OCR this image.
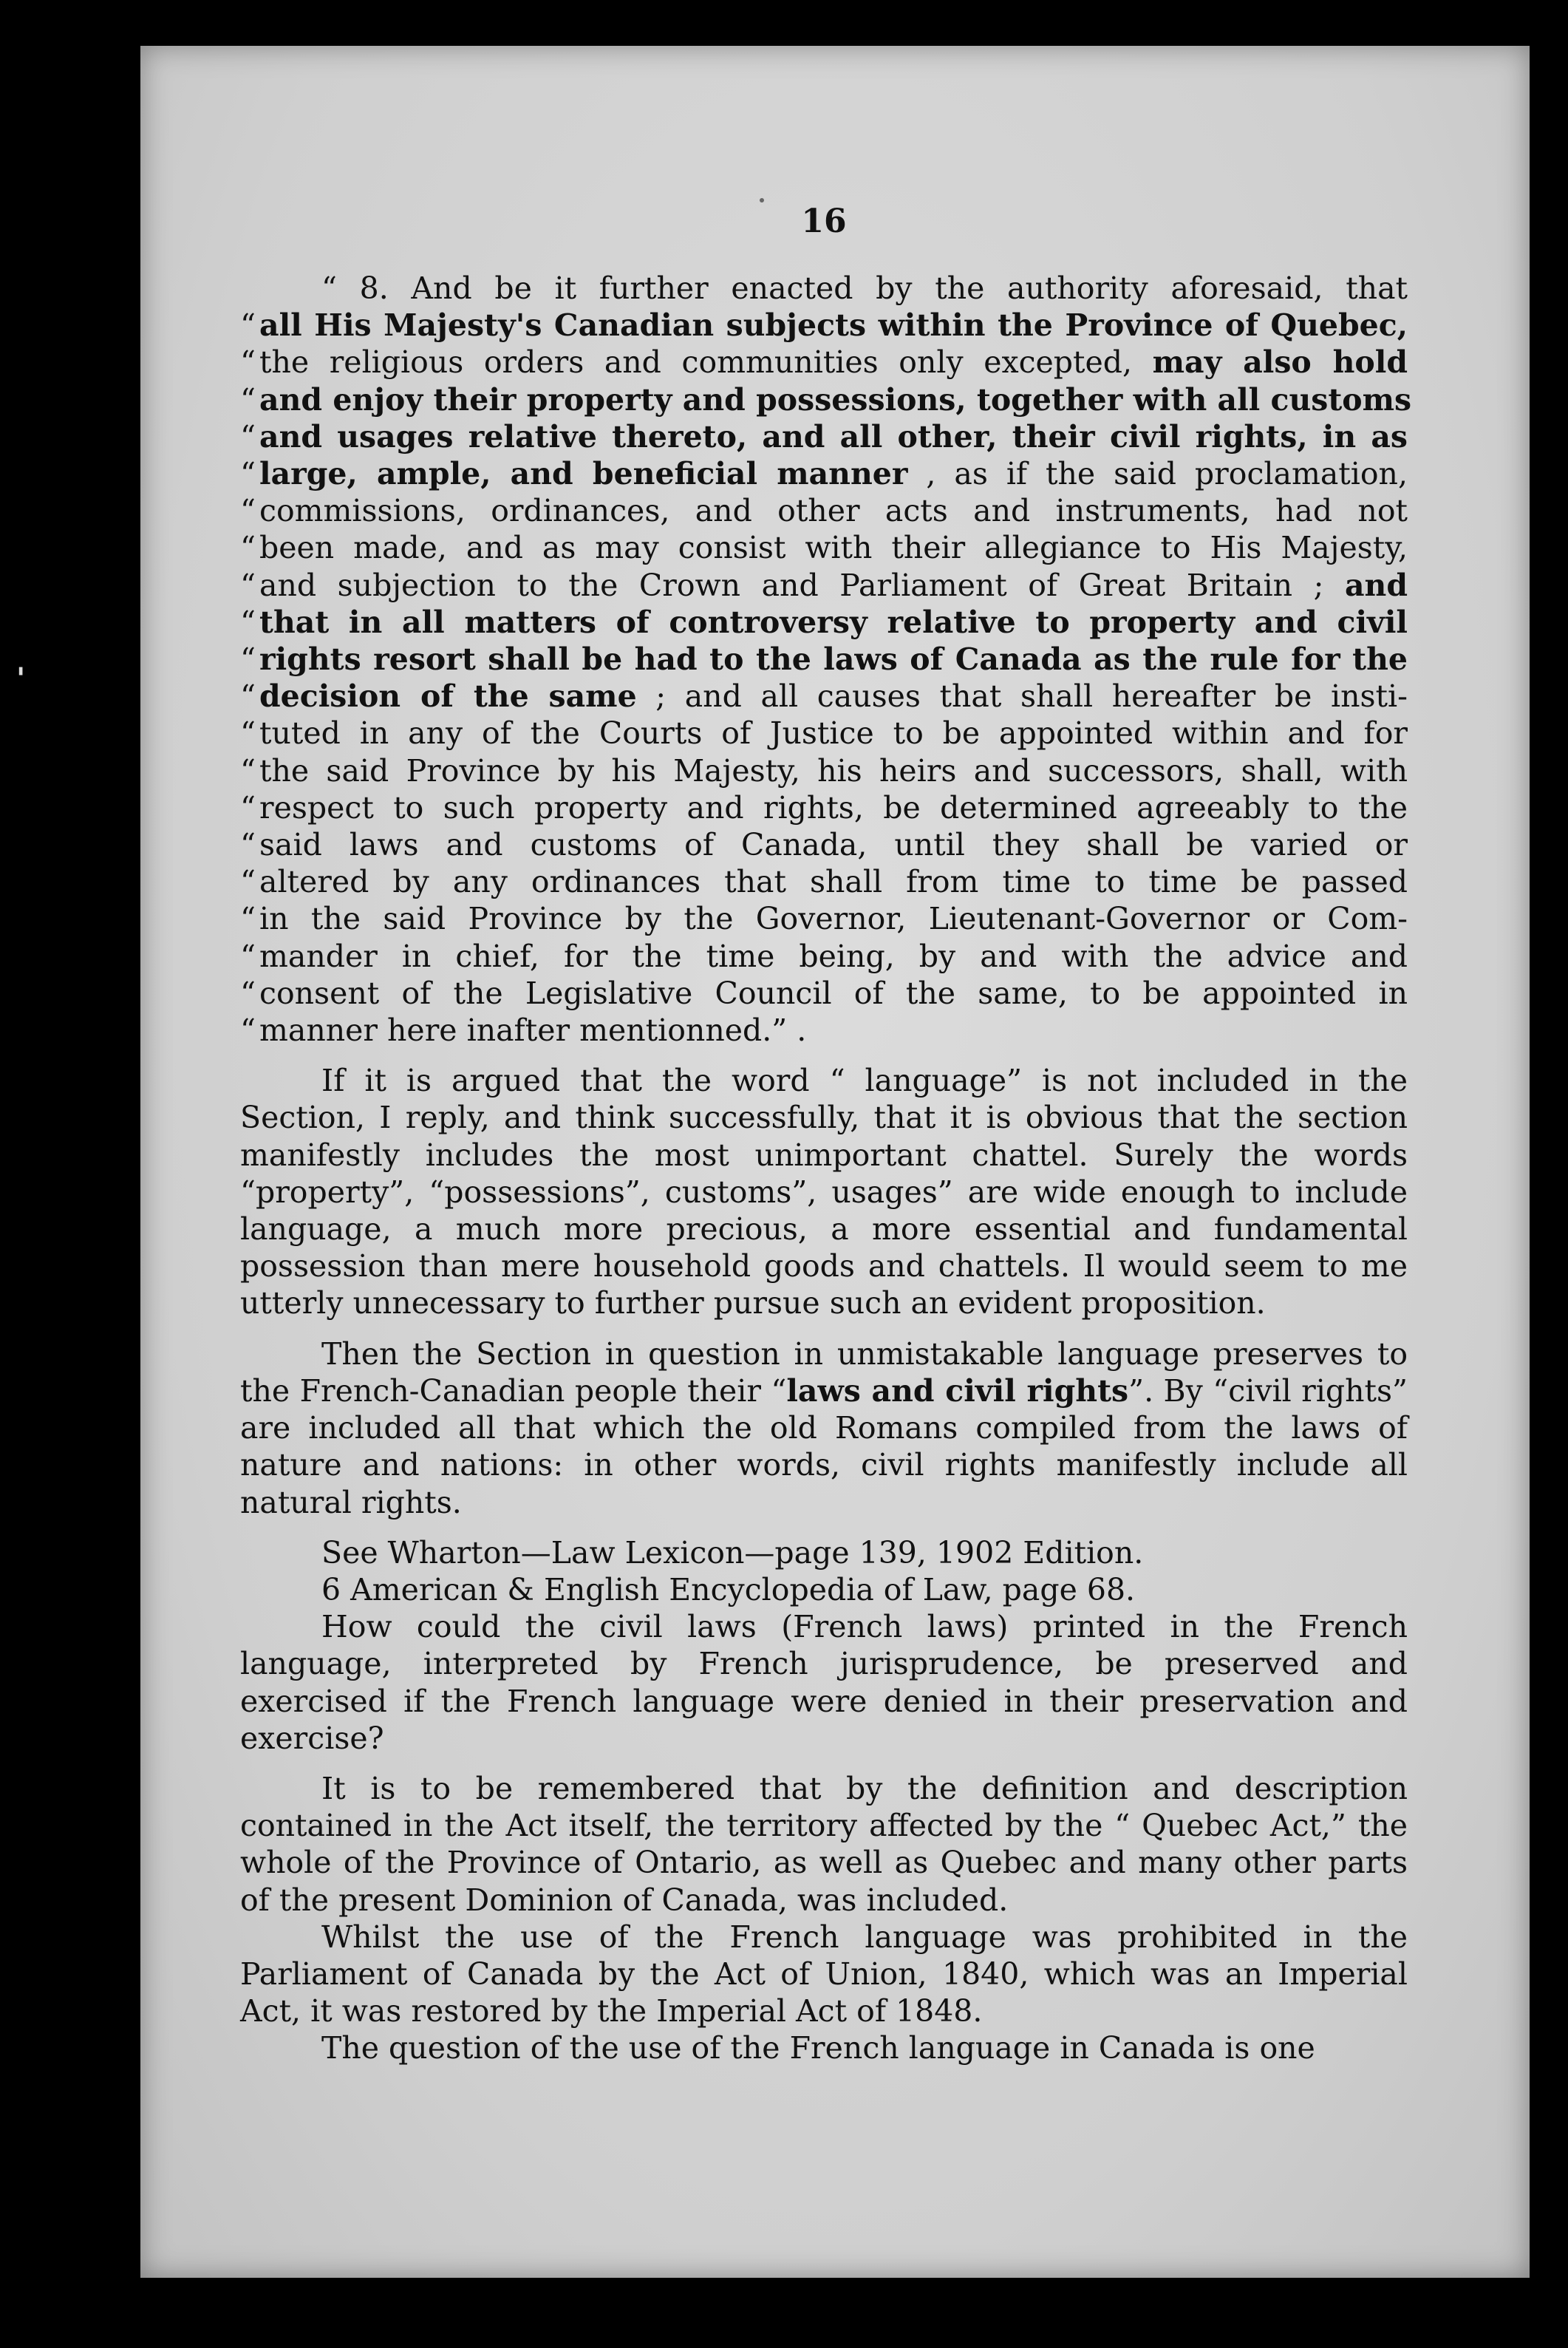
'
16
“ 8. And be it further enacted by the authority aforesaid, that
“ all His Majesty's Canadian subjects within the Province of Quebec,
“ the religious orders and communities only excepted, may also hold
“ and enjoy their property and possessions, together with all customs
“ and usages relative thereto, and all other, their civil rights, in as
“ large, ample, and beneficial manner , as if the said proclamation,
“ commissions, ordinances, and other acts and instruments, had not
“ been made, and as may consist with their allegiance to His Majesty,
“ and subjection to the Crown and Parliament of Great Britain ; and
“ that in all matters of controversy relative to property and civil
“ rights resort shall be had to the laws of Canada as the rule for the
“ decision of the same ; and all causes that shall hereafter be insti-
“ tuted in any of the Courts of Justice to be appointed within and for
“ the said Province by his Majesty, his heirs and successors, shall, with
“ respect to such property and rights, be determined agreeably to the
“ said laws and customs of Canada, until they shall be varied or
“ altered by any ordinances that shall from time to time be passed
“ in the said Province by the Governor, Lieutenant-Governor or Com-
“ mander in chief, for the time being, by and with the advice and
“ consent of the Legislative Council of the same, to be appointed in
“ manner here inafter mentionned.” .

If it is argued that the word “ language” is not included in the Section, I reply, and think successfully, that it is obvious that the section manifestly includes the most unimportant chattel. Surely the words “property”, “possessions”, customs”, usages” are wide enough to include language, a much more precious, a more essential and fundamental possession than mere household goods and chattels. Il would seem to me utterly unnecessary to further pursue such an evident proposition.

Then the Section in question in unmistakable language preserves to the French-Canadian people their “laws and civil rights”. By “civil rights” are included all that which the old Romans compiled from the laws of nature and nations: in other words, civil rights manifestly include all natural rights.

See Wharton—Law Lexicon—page 139, 1902 Edition.

6 American & English Encyclopedia of Law, page 68.

How could the civil laws (French laws) printed in the French language, interpreted by French jurisprudence, be preserved and exercised if the French language were denied in their preservation and exercise?

It is to be remembered that by the definition and description contained in the Act itself, the territory affected by the “ Quebec Act,” the whole of the Province of Ontario, as well as Quebec and many other parts of the present Dominion of Canada, was included.

Whilst the use of the French language was prohibited in the Parliament of Canada by the Act of Union, 1840, which was an Imperial Act, it was restored by the Imperial Act of 1848.

The question of the use of the French language in Canada is one
